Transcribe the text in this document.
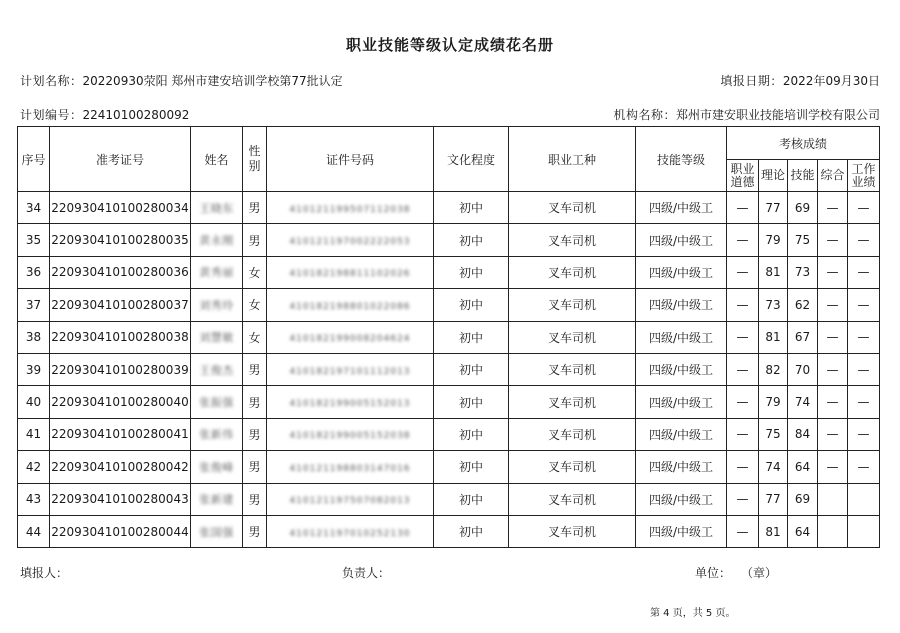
职业技能等级认定成绩花名册
计划名称：20220930荥阳 郑州市建安培训学校第77批认定	填报日期：2022年09月30日
计划编号：22410100280092	机构名称：郑州市建安职业技能培训学校有限公司
序号	准考证号	姓名	性别	证件号码	文化程度	职业工种	技能等级	考核成绩				
								职业道德	理论	技能	综合	工作业绩
34	220930410100280034	王晓东	男	410121199507112038	初中	叉车司机	四级/中级工	—	77	69	—	—
35	220930410100280035	黄永刚	男	410121197002222053	初中	叉车司机	四级/中级工	—	79	75	—	—
36	220930410100280036	黄秀丽	女	410182198811102026	初中	叉车司机	四级/中级工	—	81	73	—	—
37	220930410100280037	刘秀玲	女	410182198801022086	初中	叉车司机	四级/中级工	—	73	62	—	—
38	220930410100280038	刘慧敏	女	410182199008204624	初中	叉车司机	四级/中级工	—	81	67	—	—
39	220930410100280039	王俊杰	男	410182197101112013	初中	叉车司机	四级/中级工	—	82	70	—	—
40	220930410100280040	张振强	男	410182199005152013	初中	叉车司机	四级/中级工	—	79	74	—	—
41	220930410100280041	张新伟	男	410182199005152038	初中	叉车司机	四级/中级工	—	75	84	—	—
42	220930410100280042	张俊峰	男	410121198803147016	初中	叉车司机	四级/中级工	—	74	64	—	—
43	220930410100280043	张新建	男	410121197507082013	初中	叉车司机	四级/中级工	—	77	69		
44	220930410100280044	张国强	男	410121197010252130	初中	叉车司机	四级/中级工	—	81	64		
填报人：	负责人：	单位： （章）
第 4 页，共 5 页。
